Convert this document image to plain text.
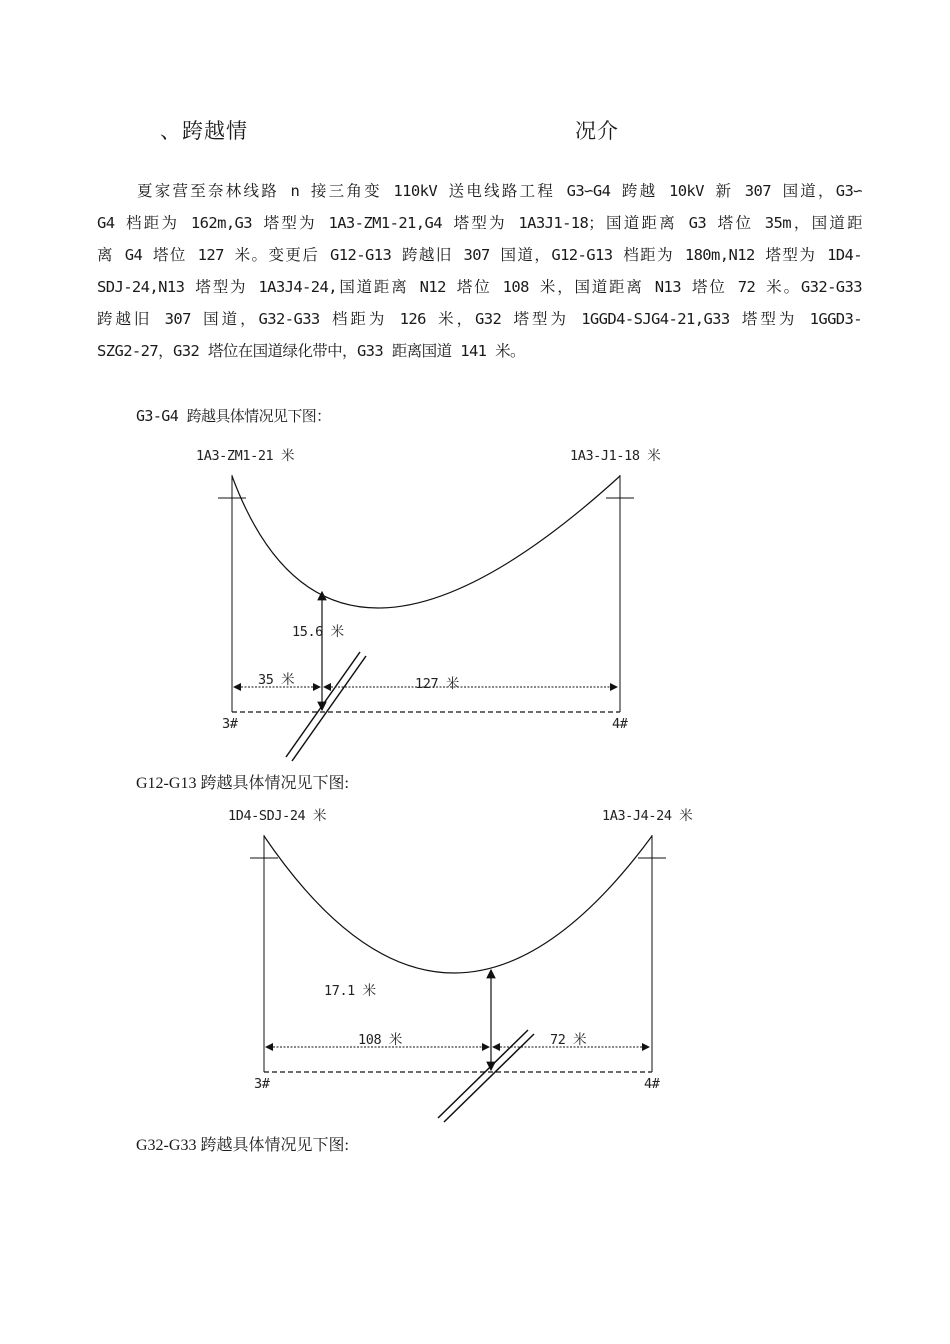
、跨越情	况介

夏家营至奈林线路 n 接三角变 110kV 送电线路工程 G3∽G4 跨越 10kV 新 307 国道，G3∽

G4 档距为 162m,G3 塔型为 1A3-ZM1-21,G4 塔型为 1A3J1-18；国道距离 G3 塔位 35m，国道距

离 G4 塔位 127 米。变更后 G12-G13 跨越旧 307 国道，G12-G13 档距为 180m,N12 塔型为 1D4-

SDJ-24,N13 塔型为 1A3J4-24,国道距离 N12 塔位 108 米，国道距离 N13 塔位 72 米。G32-G33

跨越旧 307 国道，G32-G33 档距为 126 米，G32 塔型为 1GGD4-SJG4-21,G33 塔型为 1GGD3-

SZG2-27，G32 塔位在国道绿化带中，G33 距离国道 141 米。

G3-G4 跨越具体情况见下图：
1A3-ZM1-21 米	1A3-J1-18 米
15.6 米
35 米	127 米
3#	4#
G12-G13 跨越具体情况见下图:
1D4-SDJ-24 米	1A3-J4-24 米
17.1 米
108 米	72 米
3#	4#
G32-G33 跨越具体情况见下图:
